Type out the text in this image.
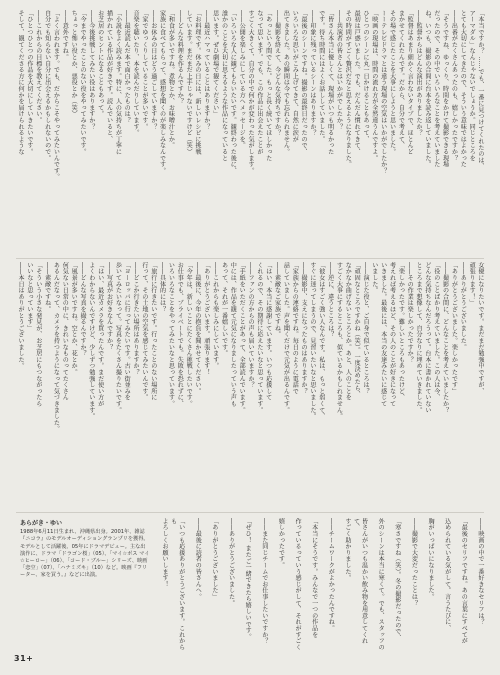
「本当ですか？ ……でも、一番に見つけてくれたのは、
アーマダル」なんじゃないでしょうか。同じところを
とても大切にしてきたので、そういう意味ではよかった
――出番がたくさんあったのも、嬉しかったですか？
「そうですね、ゆっくり、時間をかけて撮影できる現場
だったので、その中でいろいろなことを考えていました
ね。いつも、撮影の合間に台本を読み返していました。
――監督からはどんな演出がありましたか？
「監督はあまり細かく言わないタイプで、ほとんど
まかせてくれたんです。だから、自分で考えて、
その場で感じたことを大事にしようと思いました。
ーーテレビドラマとは違う現場の空気はいかがでしたか？
「映画の現場は、時間の流れ方が全然違うんですよ。
ひとつのシーンに丸一日かけることもあって、
最初は戸惑いました。でも、だんだん慣れてきて、
その時間がすごく贅沢だなと思えるようになりました。
――共演者の皆さんとはいかがでしたか？
「皆さん本当に優しくて、現場がいつも明るかった
です。待ち時間にはよくお話ししていました。
――印象に残っているシーンはありますか？
「最後のシーンですね。撮影の最終日だったので、
いろいろな思いがこみ上げてきて、自然に涙が
出てきました。あの瞬間は今でも忘れられません。
――撮影を終えて、今どんな気持ちですか？
「あっという間でした。もっと長く続いてほしかった
なって思います。でも、この作品に出会えたことが
すごく大きくて、自分の中で何かが変わった気がします。
――公開を楽しみにしている方へメッセージを。
「いろいろな人に観てもらいたいです。観終わった後に、
誰かのことを大切に思えるような作品になっていると
思います。ぜひ劇場で観てください」
――最近ハマっていることはありますか？
「お料理です。休みの日には、新しいレシピに挑戦
しています。まだまだ上手じゃないですけど（笑）
――どんな料理を作るんですか？
「和食が多いですね。煮物とか、お味噌汁とか。
家族に食べてもらって、感想を聞くのが楽しみなんです。
――お休みの日はどう過ごしていますか？
「家でゆっくりしていることが多いです。
音楽を聴いたり、本を読んだりしています。
――最近読んだ本で面白かったものは？
「小説をよく読みます。特に、人の気持ちが丁寧に
描かれている作品が好きです。読んでいると、
お芝居のヒントになることもあって。
――今後挑戦してみたい役はありますか？
「今までやったことのない役をやってみたいです。
ちょっと怖い役とか、悪役とか（笑）
――意外ですね。
「よく言われます。でも、だからこそやってみたいんです。
自分でも知らない自分に出会えるかもしれないので。
――これからの目標を教えてください。
「ひとつひとつの作品を大切にしていきたいです。
そして、観てくださる方に何かを届けられるような
女優になりたいです。まだまだ勉強中ですが、
頑張ります！」
――ありがとうございました。
「ありがとうございました。楽しかったです」
――撮影の合間に、どんなことを考えていましたか？
「役のことばかり考えていました。この人は今、
どんな気持ちなんだろうって。台本に書かれていない
ところまで想像して、自分なりに埋めていきました。
――その作業は楽しかったですか？
「楽しかったです。難しいところもあったけど、
考えれば考えるほど、その人のことが好きになって
いきました。最後には、本当の友達みたいに感じて
いました。
――演じた役と、ご自身で似ているところは？
「頑固なところですかね（笑）。一度決めたら、
なかなか曲げないところとか。あと、人のことを
すごく大事にするところも、似ているかもしれません。
――逆に、違うところは？
「彼女はすごく強い人なんです。私は、もっと弱くて、
すぐに迷ってしまうので、見習いたいなと思いました。
――撮影中、支えになったものはありますか？
「家族からの連絡ですね。毎日のように電話で
話していました。声を聞くだけで元気が出るんです。
――素敵なご家族ですね。
「はい、本当に感謝しています。いつも応援して
くれるので、その期待に応えたいなと思っています。
――ファンの方からの声も届いていますか？
「手紙をいただくことがあって、全部読んでいます。
中には、作品を観て元気になりましたっていう声も
あって、それが一番嬉しいです。
――これからも楽しみにしています。
「ありがとうございます。頑張ります！
――最後に、今年の抱負を聞かせてください。
「今年は、新しいことにたくさん挑戦したいです。
お仕事でも、プライベートでも。失敗を恐れずに、
いろいろなことをやってみたいなと思っています。
――具体的には？
「旅行に行きたいです。行ったことのない場所に
行って、その土地の空気を感じてみたいんです。
――どこか行きたい場所はありますか？
「ヨーロッパに行ってみたいです。古い街並みを
歩いてみたいなって。写真をたくさん撮りたいです。
――写真がお好きなんですか？
「はい、最近カメラを買ったんです。まだ使い方が
よくわからないんですけど、少しずつ勉強しています。
――どんな写真を撮るんですか？
「風景が多いですね。空とか、花とか。
何気ない日常の中に、きれいなものってたくさん
あるんだなって、カメラを持つようになって気づきました。
――素敵ですね。
「そういう小さな発見が、お芝居にもつながったら
いいなと思っています」
――本日はありがとうございました。
――映画の中で一番好きなセリフは？
「最後のセリフですね。あの言葉にすべてが
込められている気がして。言うたびに、
胸がいっぱいになりました。
――撮影で大変だったことは？
「寒さですね（笑）。冬の撮影だったので、
外のシーンは本当に寒くて。でも、スタッフの
皆さんがいつも温かい飲み物を用意してくれて、
すごく助かりました。
――チームワークがよかったんですね。
「本当にそうです。みんなで一つの作品を
作っているっていう感じがして、それがすごく
嬉しかったです。
――また同じチームでお仕事したいですか？
「ぜひ！ またご一緒できたら嬉しいです。
――ありがとうございました。
「ありがとうございました」
――最後に読者の皆さんへ。
「いつも応援ありがとうございます。これからも
よろしくお願いします！
あらがき・ゆい
1988年6月11日生まれ、沖縄県出身。2001年、雑誌『ニコラ』のモデルオーディショングランプリを獲得。モデルとして活躍後、05年にドラマデビュー。主な出演作に、ドラマ「ドラゴン桜」（05）、「マイ☆ボス マイ☆ヒーロー」（06）、「コード・ブルー」シリーズ、映画「恋空」（07）、「ハナミズキ」（10）など。映画『フリーター、家を買う。』などに出演。
31+
